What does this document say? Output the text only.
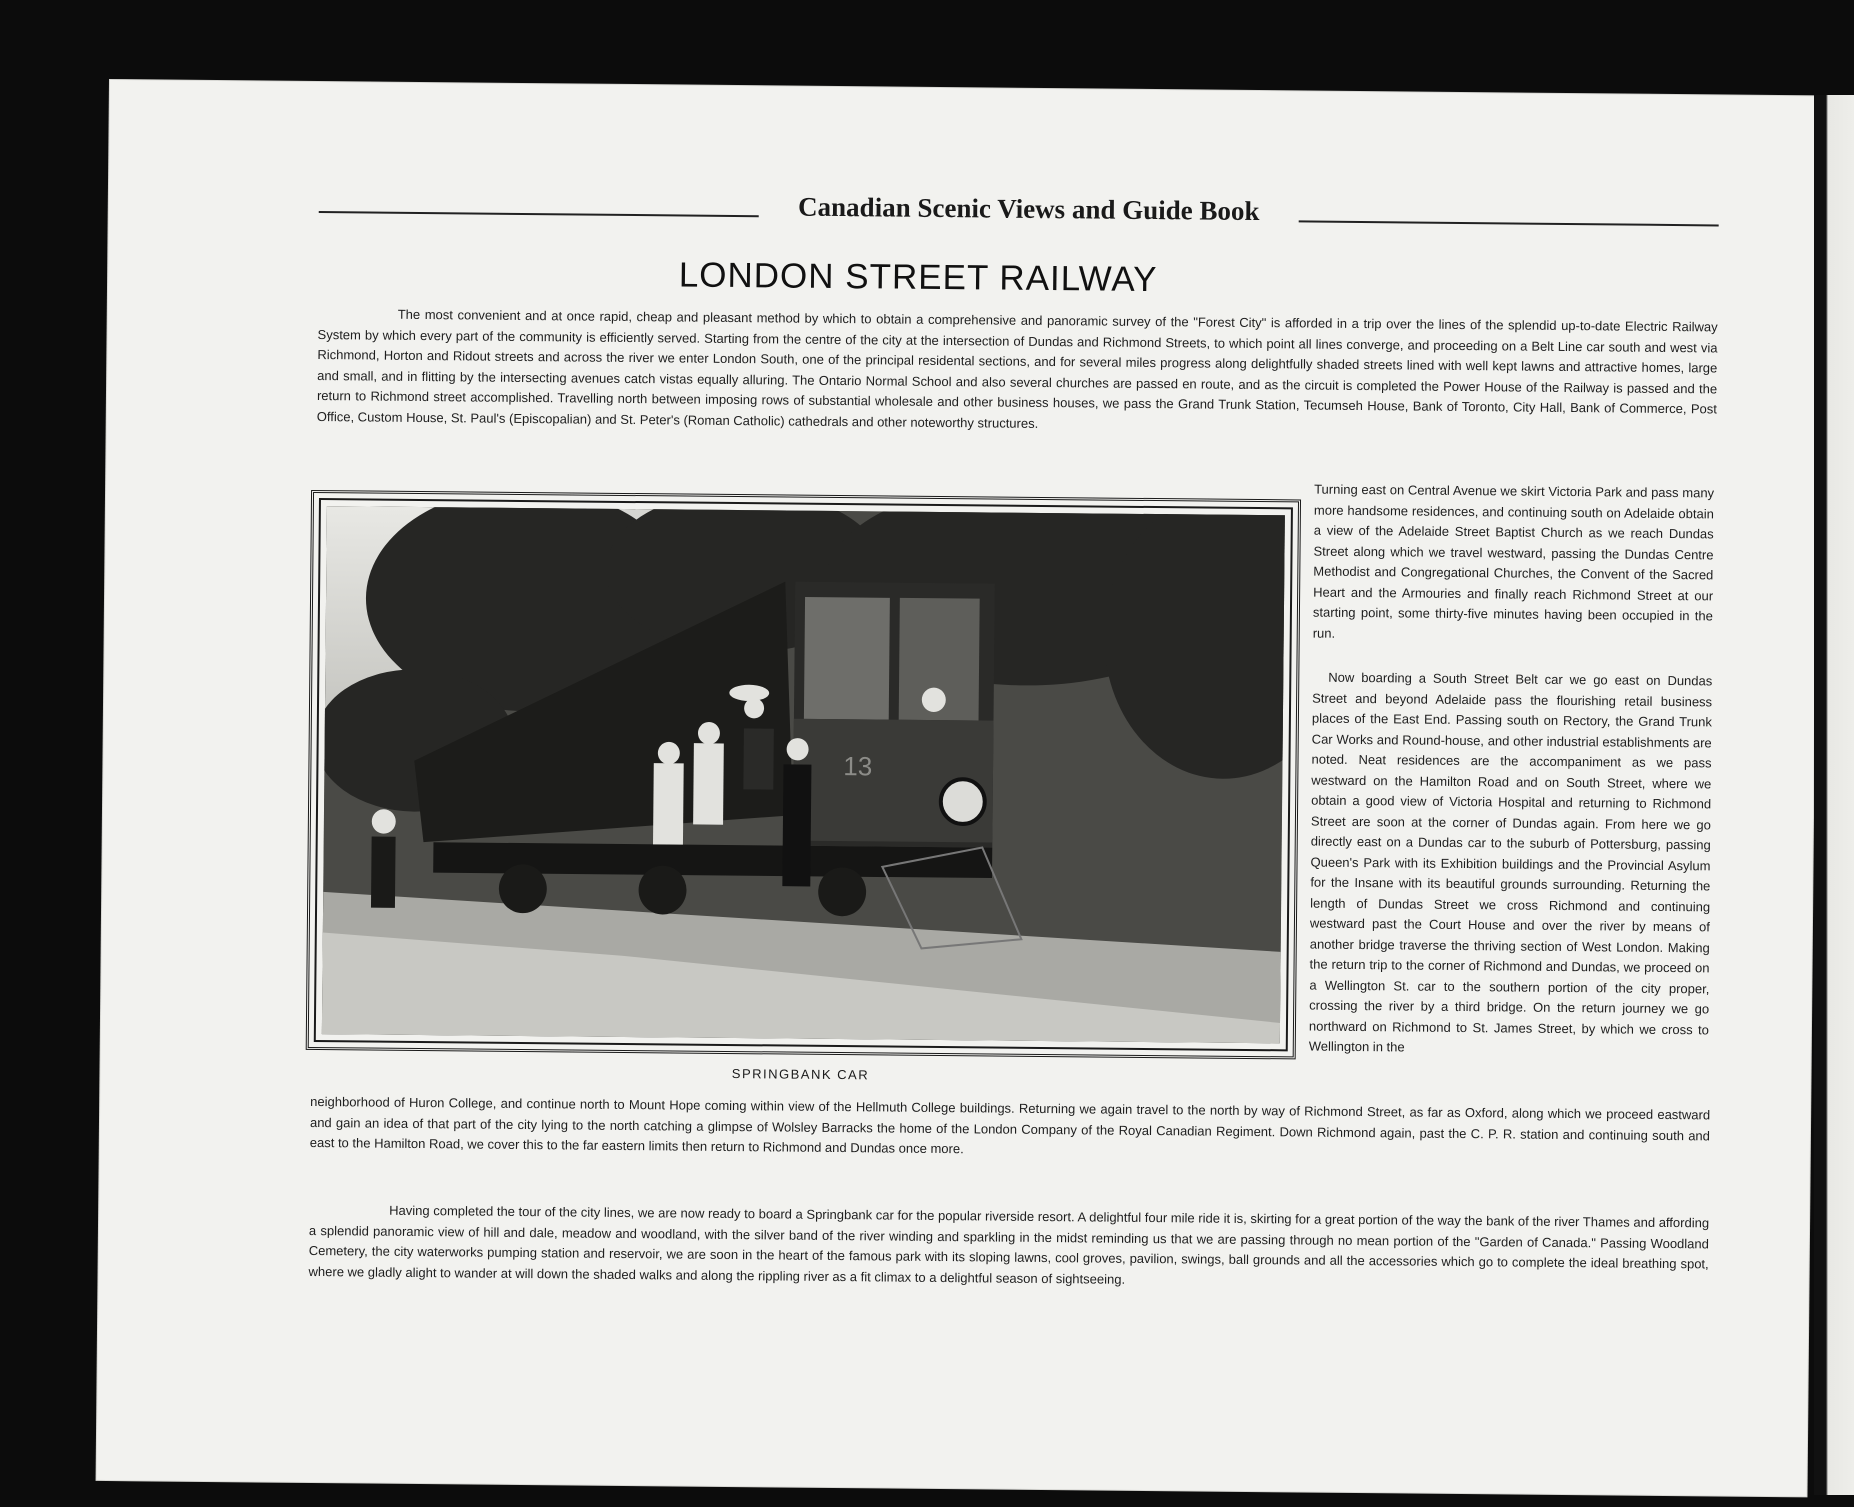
Canadian Scenic Views and Guide Book
LONDON STREET RAILWAY
The most convenient and at once rapid, cheap and pleasant method by which to obtain a comprehensive and panoramic survey of the "Forest City" is afforded in a trip over the lines of the splendid up-to-date Electric Railway System by which every part of the community is efficiently served. Starting from the centre of the city at the intersection of Dundas and Richmond Streets, to which point all lines converge, and proceeding on a Belt Line car south and west via Richmond, Horton and Ridout streets and across the river we enter London South, one of the principal residental sections, and for several miles progress along delightfully shaded streets lined with well kept lawns and attractive homes, large and small, and in flitting by the intersecting avenues catch vistas equally alluring. The Ontario Normal School and also several churches are passed en route, and as the circuit is completed the Power House of the Railway is passed and the return to Richmond street accomplished. Travelling north between imposing rows of substantial wholesale and other business houses, we pass the Grand Trunk Station, Tecumseh House, Bank of Toronto, City Hall, Bank of Commerce, Post Office, Custom House, St. Paul's (Episcopalian) and St. Peter's (Roman Catholic) cathedrals and other noteworthy structures.
13
SPRINGBANK CAR

Turning east on Central Avenue we skirt Victoria Park and pass many more handsome residences, and continuing south on Adelaide obtain a view of the Adelaide Street Baptist Church as we reach Dundas Street along which we travel westward, passing the Dundas Centre Methodist and Congregational Churches, the Convent of the Sacred Heart and the Armouries and finally reach Richmond Street at our starting point, some thirty-five minutes having been occupied in the run.

Now boarding a South Street Belt car we go east on Dundas Street and beyond Adelaide pass the flourishing retail business places of the East End. Passing south on Rectory, the Grand Trunk Car Works and Round-house, and other industrial establishments are noted. Neat residences are the accompaniment as we pass westward on the Hamilton Road and on South Street, where we obtain a good view of Victoria Hospital and returning to Richmond Street are soon at the corner of Dundas again. From here we go directly east on a Dundas car to the suburb of Pottersburg, passing Queen's Park with its Exhibition buildings and the Provincial Asylum for the Insane with its beautiful grounds surrounding. Returning the length of Dundas Street we cross Richmond and continuing westward past the Court House and over the river by means of another bridge traverse the thriving section of West London. Making the return trip to the corner of Richmond and Dundas, we proceed on a Wellington St. car to the southern portion of the city proper, crossing the river by a third bridge. On the return journey we go northward on Richmond to St. James Street, by which we cross to Wellington in the

neighborhood of Huron College, and continue north to Mount Hope coming within view of the Hellmuth College buildings. Returning we again travel to the north by way of Richmond Street, as far as Oxford, along which we proceed eastward and gain an idea of that part of the city lying to the north catching a glimpse of Wolsley Barracks the home of the London Company of the Royal Canadian Regiment. Down Richmond again, past the C. P. R. station and continuing south and east to the Hamilton Road, we cover this to the far eastern limits then return to Richmond and Dundas once more.
Having completed the tour of the city lines, we are now ready to board a Springbank car for the popular riverside resort. A delightful four mile ride it is, skirting for a great portion of the way the bank of the river Thames and affording a splendid panoramic view of hill and dale, meadow and woodland, with the silver band of the river winding and sparkling in the midst reminding us that we are passing through no mean portion of the "Garden of Canada." Passing Woodland Cemetery, the city waterworks pumping station and reservoir, we are soon in the heart of the famous park with its sloping lawns, cool groves, pavilion, swings, ball grounds and all the accessories which go to complete the ideal breathing spot, where we gladly alight to wander at will down the shaded walks and along the rippling river as a fit climax to a delightful season of sightseeing.
